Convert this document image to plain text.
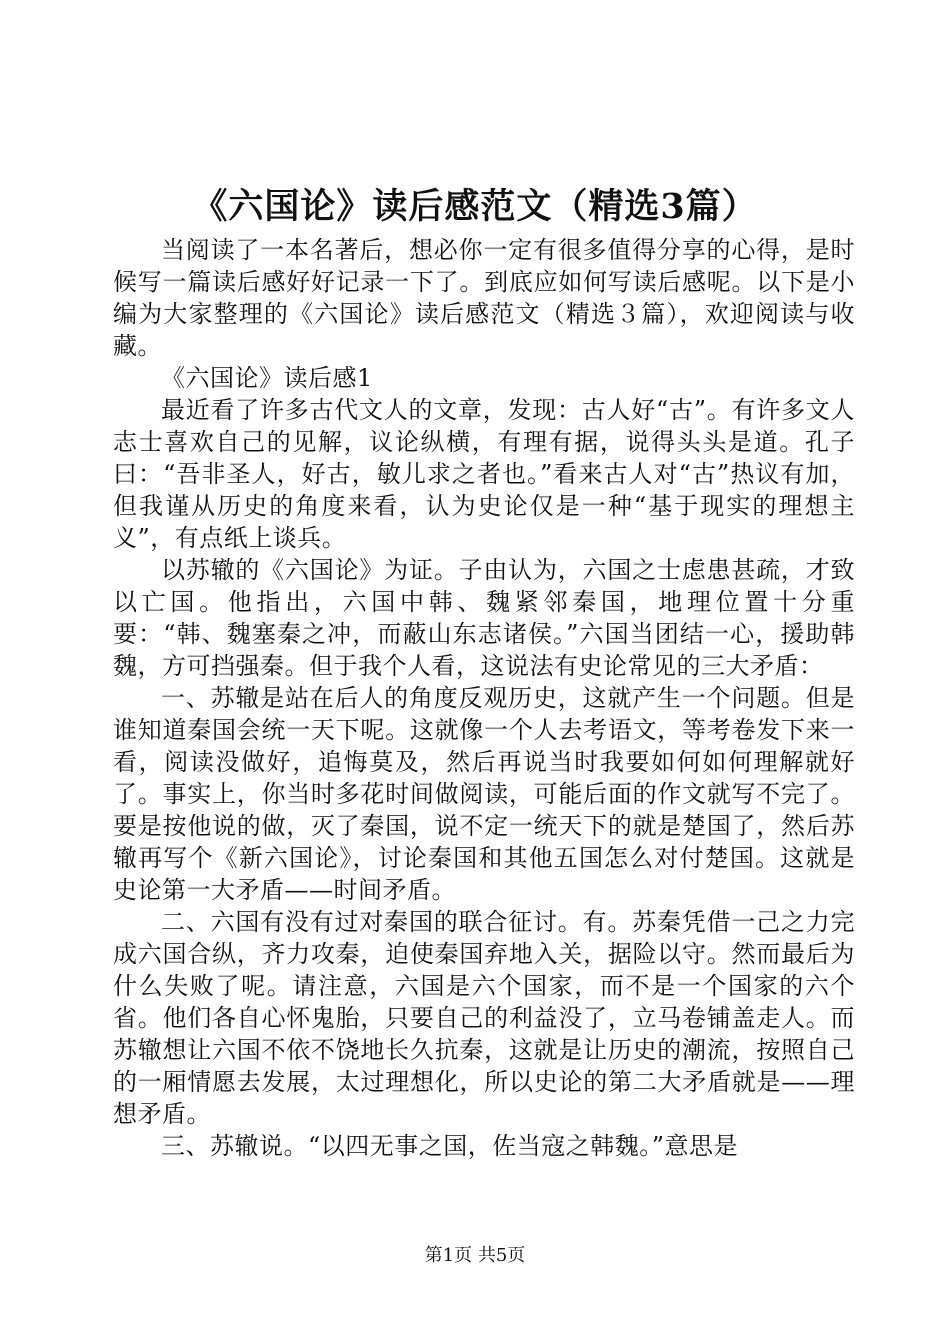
《六国论》读后感范文（精选3篇）

当阅读了一本名著后，想必你一定有很多值得分享的心得，是时候写一篇读后感好好记录一下了。到底应如何写读后感呢。以下是小编为大家整理的《六国论》读后感范文（精选３篇），欢迎阅读与收藏。

《六国论》读后感1

最近看了许多古代文人的文章，发现：古人好“古”。有许多文人志士喜欢自己的见解，议论纵横，有理有据，说得头头是道。孔子曰：“吾非圣人，好古，敏儿求之者也。”看来古人对“古”热议有加，但我谨从历史的角度来看，认为史论仅是一种“基于现实的理想主义”，有点纸上谈兵。

以苏辙的《六国论》为证。子由认为，六国之士虑患甚疏，才致以亡国。他指出，六国中韩、魏紧邻秦国，地理位置十分重要：“韩、魏塞秦之冲，而蔽山东志诸侯。”六国当团结一心，援助韩魏，方可挡强秦。但于我个人看，这说法有史论常见的三大矛盾：

一、苏辙是站在后人的角度反观历史，这就产生一个问题。但是谁知道秦国会统一天下呢。这就像一个人去考语文，等考卷发下来一看，阅读没做好，追悔莫及，然后再说当时我要如何如何理解就好了。事实上，你当时多花时间做阅读，可能后面的作文就写不完了。要是按他说的做，灭了秦国，说不定一统天下的就是楚国了，然后苏辙再写个《新六国论》，讨论秦国和其他五国怎么对付楚国。这就是史论第一大矛盾——时间矛盾。

二、六国有没有过对秦国的联合征讨。有。苏秦凭借一己之力完成六国合纵，齐力攻秦，迫使秦国弃地入关，据险以守。然而最后为什么失败了呢。请注意，六国是六个国家，而不是一个国家的六个省。他们各自心怀鬼胎，只要自己的利益没了，立马卷铺盖走人。而苏辙想让六国不依不饶地长久抗秦，这就是让历史的潮流，按照自己的一厢情愿去发展，太过理想化，所以史论的第二大矛盾就是——理想矛盾。

三、苏辙说。“以四无事之国，佐当寇之韩魏。”意思是

第1页 共5页
